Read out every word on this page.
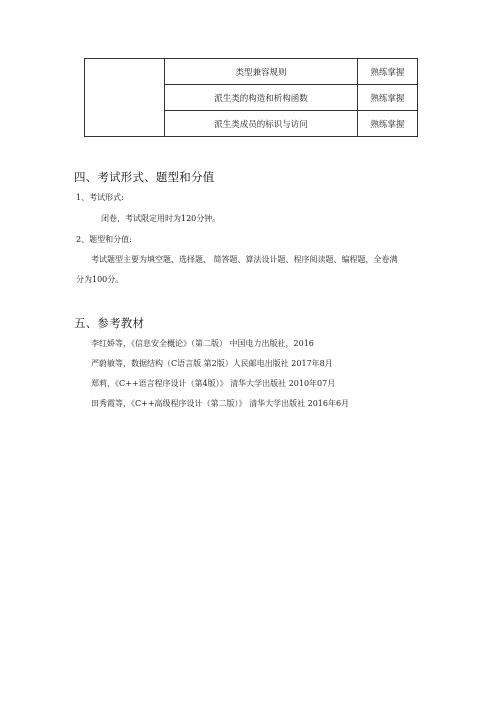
	类型兼容规则	熟练掌握
	派生类的构造和析构函数	熟练掌握
	派生类成员的标识与访问	熟练掌握
四、考试形式、题型和分值

1、考试形式:

闭卷，考试限定用时为120分钟。

2、题型和分值:

考试题型主要为填空题、选择题、 简答题、算法设计题、程序阅读题、编程题，全卷满

分为100分。

五、参考教材

李红娇等，《信息安全概论》（第二版） 中国电力出版社，2016

严蔚敏等，数据结构（C语言版 第2版）人民邮电出版社 2017年8月

郑莉，《C++语言程序设计（第4版）》 清华大学出版社 2010年07月

田秀霞等，《C++高级程序设计（第二版）》 清华大学出版社 2016年6月
